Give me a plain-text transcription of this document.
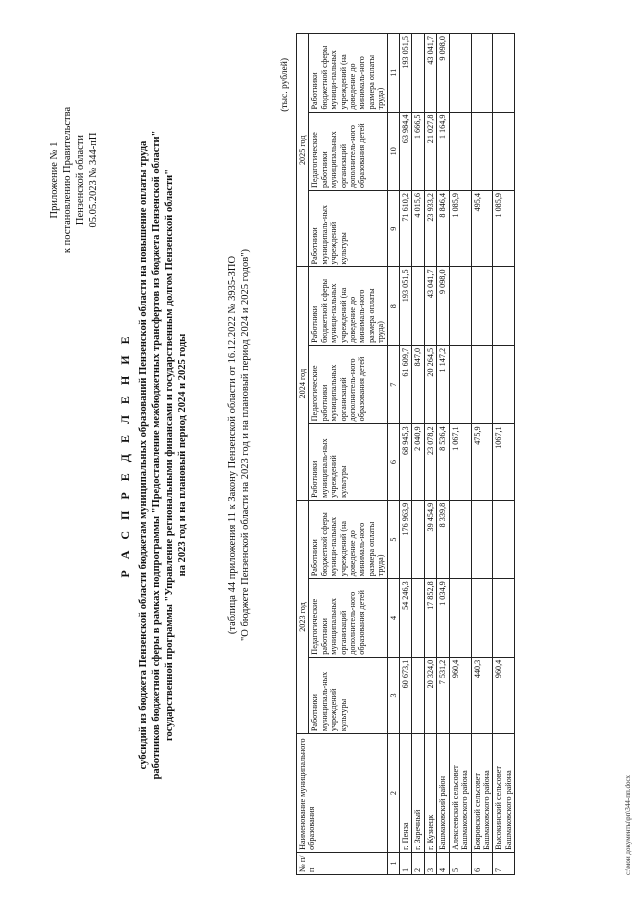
Приложение № 1 к постановлению Правительства Пензенской области 05.05.2023 № 344-пП
Р А С П Р Е Д Е Л Е Н И Е субсидий из бюджета Пензенской области бюджетам муниципальных образований Пензенской области на повышение оплаты труда работников бюджетной сферы в рамках подпрограммы "Предоставление межбюджетных трансфертов из бюджета Пензенской области" государственной программы "Управление региональными финансами и государственным долгом Пензенской области" на 2023 год и на плановый период 2024 и 2025 годы	(таблица 44 приложения 11 к Закону Пензенской области от 16.12.2022 № 3935-ЗПО "О бюджете Пензенской области на 2023 год и на плановый период 2024 и 2025 годов")
(тыс. рублей)
№ п/п	Наименование муниципального образования	2023 год			2024 год			2025 год		
		Работники муниципаль-ных учреждений культуры	Педагогические работники муниципальных организаций дополнитель-ного образования детей	Работники бюджетной сферы муници-пальных учреждений (на доведение до минималь-ного размера оплаты труда)	Работники муниципаль-ных учреждений культуры	Педагогические работники муниципальных организаций дополнитель-ного образования детей	Работники бюджетной сферы муници-пальных учреждений (на доведение до минималь-ного размера оплаты труда)	Работники муниципаль-ных учреждений культуры	Педагогические работники муниципальных организаций дополнитель-ного образования детей	Работники бюджетной сферы муници-пальных учреждений (на доведение до минималь-ного размера оплаты труда)
1	2	3	4	5	6	7	8	9	10	11
1	г. Пенза	60 673,1	54 246,3	176 963,9	68 945,3	61 609,7	193 051,5	71 610,2	63 984,4	193 051,5
2	г. Заречный				2 040,9	847,0		4 015,6	1 666,5	
3	г. Кузнецк	20 324,0	17 852,8	39 454,9	23 078,2	20 264,5	43 041,7	23 933,2	21 027,8	43 041,7
4	Башмаковский район	7 531,2	1 034,9	8 339,8	8 536,4	1 147,2	9 098,0	8 846,4	1 164,9	9 098,0
5	Алексеевский сельсовет Башмаковского района	960,4			1 067,1			1 085,9		
6	Бояровский сельсовет Башмаковского района	440,3			475,9			495,4		
7	Высокинский сельсовет Башмаковского района	960,4			1067,1			1 085,9		
c:\мои документы\рп\344-пп.docx
